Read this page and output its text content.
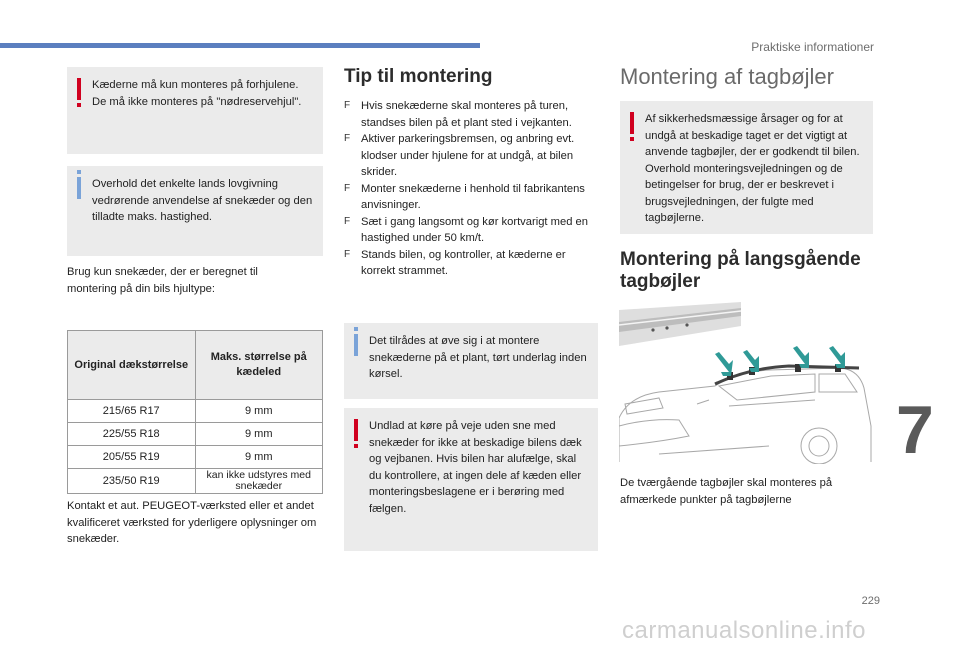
Praktiske informationer

Kæderne må kun monteres på forhjulene. De må ikke monteres på "nødreservehjul".

Overhold det enkelte lands lovgivning vedrørende anvendelse af snekæder og den tilladte maks. hastighed.

Brug kun snekæder, der er beregnet til montering på din bils hjultype:

Original dækstørrelse	Maks. størrelse på kædeled
215/65 R17	9 mm
225/55 R18	9 mm
205/55 R19	9 mm
235/50 R19	kan ikke udstyres med snekæder

Kontakt et aut. PEUGEOT-værksted eller et andet kvalificeret værksted for yderligere oplysninger om snekæder.

Tip til montering
F Hvis snekæderne skal monteres på turen, standses bilen på et plant sted i vejkanten.
F Aktiver parkeringsbremsen, og anbring evt. klodser under hjulene for at undgå, at bilen skrider.
F Monter snekæderne i henhold til fabrikantens anvisninger.
F Sæt i gang langsomt og kør kortvarigt med en hastighed under 50 km/t.
F Stands bilen, og kontroller, at kæderne er korrekt strammet.

Det tilrådes at øve sig i at montere snekæderne på et plant, tørt underlag inden kørsel.

Undlad at køre på veje uden sne med snekæder for ikke at beskadige bilens dæk og vejbanen. Hvis bilen har alufælge, skal du kontrollere, at ingen dele af kæden eller monteringsbeslagene er i berøring med fælgen.

Montering af tagbøjler

Af sikkerhedsmæssige årsager og for at undgå at beskadige taget er det vigtigt at anvende tagbøjler, der er godkendt til bilen. Overhold monteringsvejledningen og de betingelser for brug, der er beskrevet i brugsvejledningen, der fulgte med tagbøjlerne.

Montering på langsgående tagbøjler

De tværgående tagbøjler skal monteres på afmærkede punkter på tagbøjlerne

7
229
carmanualsonline.info
